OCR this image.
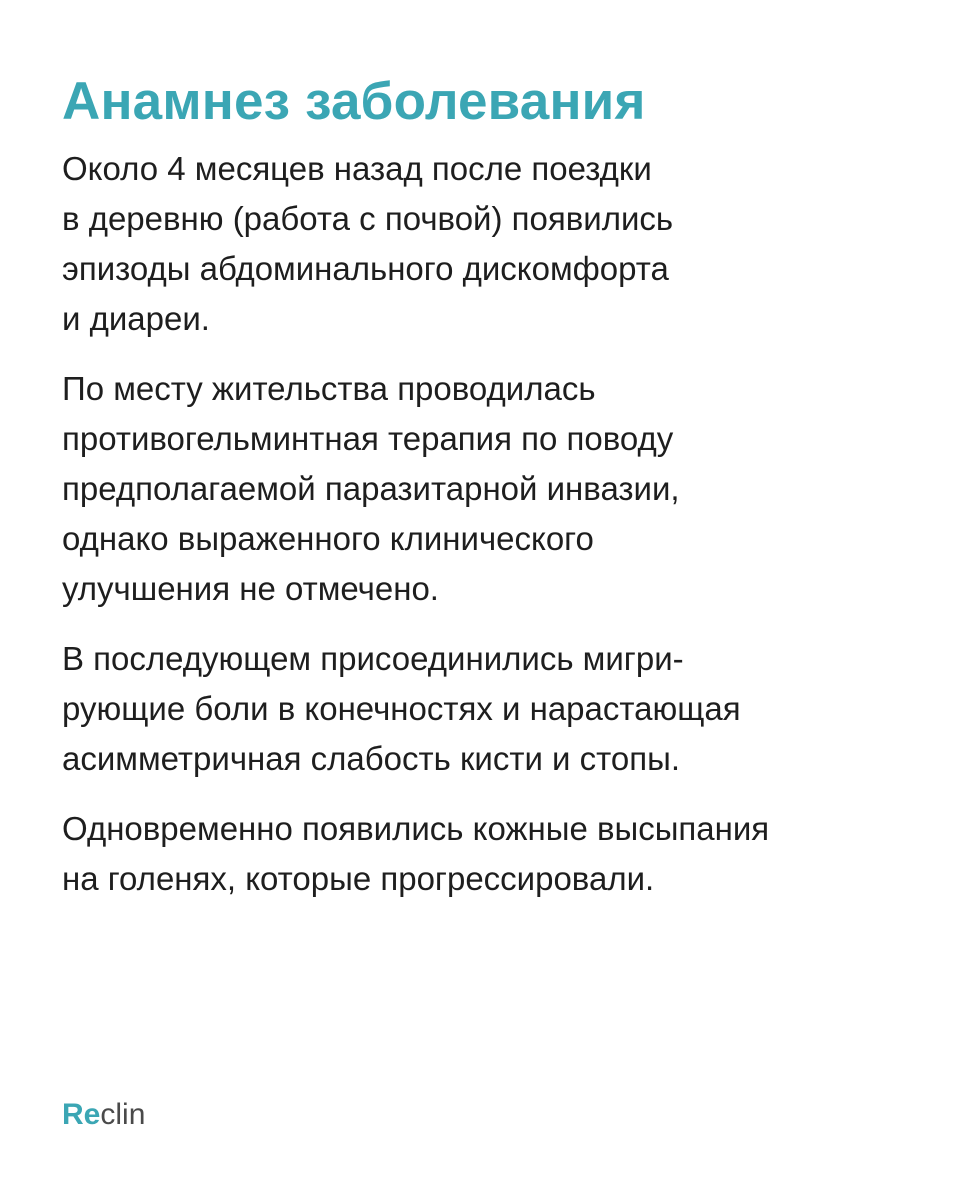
Анамнез заболевания

Около 4 месяцев назад после поездки
в деревню (работа с почвой) появились
эпизоды абдоминального дискомфорта
и диареи.

По месту жительства проводилась
противогельминтная терапия по поводу
предполагаемой паразитарной инвазии,
однако выраженного клинического
улучшения не отмечено.

В последующем присоединились мигри-
рующие боли в конечностях и нарастающая
асимметричная слабость кисти и стопы.

Одновременно появились кожные высыпания
на голенях, которые прогрессировали.

Reclin
